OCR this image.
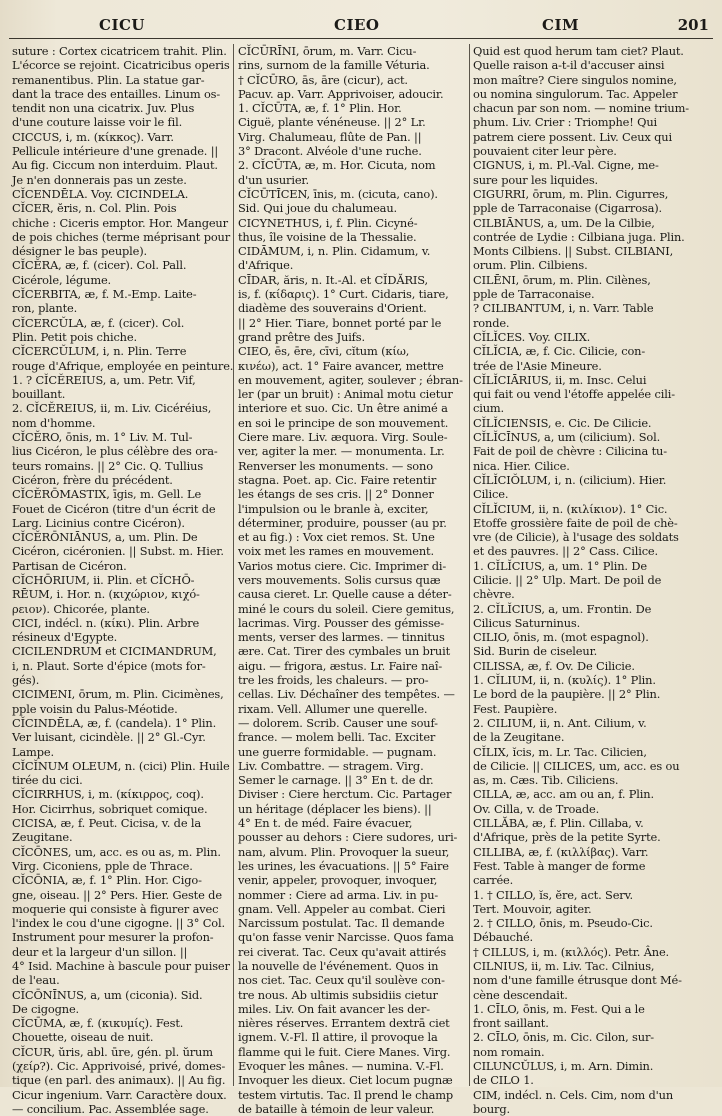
CICU	CIEO	CIM	201
suture : Cortex cicatricem trahit. Plin.
L'écorce se rejoint. Cicatricibus operis
remanentibus. Plin. La statue gar-
dant la trace des entailles. Linum os-
tendit non una cicatrix. Juv. Plus
d'une couture laisse voir le fil.
CICCUS, i, m. (κίκκος). Varr.
Pellicule intérieure d'une grenade. ||
Au fig. Ciccum non interduim. Plaut.
Je n'en donnerais pas un zeste.
CĬCENDĒLA. Voy. CICINDELA.
CĬCER, ĕris, n. Col. Plin. Pois
chiche : Ciceris emptor. Hor. Mangeur
de pois chiches (terme méprisant pour
désigner le bas peuple).
CĬCĔRA, æ, f. (cicer). Col. Pall.
Cicérole, légume.
CĬCERBITA, æ, f. M.-Emp. Laite-
ron, plante.
CĬCERCŬLA, æ, f. (cicer). Col.
Plin. Petit pois chiche.
CĬCERCŬLUM, i, n. Plin. Terre
rouge d'Afrique, employée en peinture.
1. ? CĬCĔREIUS, a, um. Petr. Vif,
bouillant.
2. CĬCĔREIUS, ii, m. Liv. Cicéréius,
nom d'homme.
CĬCĔRO, ōnis, m. 1° Liv. M. Tul-
lius Cicéron, le plus célèbre des ora-
teurs romains. || 2° Cic. Q. Tullius
Cicéron, frère du précédent.
CĬCĔRŌMASTIX, īgis, m. Gell. Le
Fouet de Cicéron (titre d'un écrit de
Larg. Licinius contre Cicéron).
CĬCĔRŌNIĀNUS, a, um. Plin. De
Cicéron, cicéronien. || Subst. m. Hier.
Partisan de Cicéron.
CĬCHŌRIUM, ii. Plin. et CĬCHŌ-
RĒUM, i. Hor. n. (κιχώριον, κιχό-
ρειον). Chicorée, plante.
CICI, indécl. n. (κίκι). Plin. Arbre
résineux d'Egypte.
CICILENDRUM et CICIMANDRUM,
i, n. Plaut. Sorte d'épice (mots for-
gés).
CICIMENI, ōrum, m. Plin. Cicimènes,
pple voisin du Palus-Méotide.
CĬCINDĒLA, æ, f. (candela). 1° Plin.
Ver luisant, cicindèle. || 2° Gl.-Cyr.
Lampe.
CĬCĬNUM OLEUM, n. (cici) Plin. Huile
tirée du cici.
CĬCIRRHUS, i, m. (κίκιρρος, coq).
Hor. Cicirrhus, sobriquet comique.
CICISA, æ, f. Peut. Cicisa, v. de la
Zeugitane.
CĬCŌNES, um, acc. es ou as, m. Plin.
Virg. Ciconiens, pple de Thrace.
CĬCŌNIA, æ, f. 1° Plin. Hor. Cigo-
gne, oiseau. || 2° Pers. Hier. Geste de
moquerie qui consiste à figurer avec
l'index le cou d'une cigogne. || 3° Col.
Instrument pour mesurer la profon-
deur et la largeur d'un sillon. ||
4° Isid. Machine à bascule pour puiser
de l'eau.
CĬCŌNĪNUS, a, um (ciconia). Sid.
De cigogne.
CĬCŪMA, æ, f. (κικυμίς). Fest.
Chouette, oiseau de nuit.
CĬCUR, ŭris, abl. ūre, gén. pl. ŭrum
(χείρ?). Cic. Apprivoisé, privé, domes-
tique (en parl. des animaux). || Au fig.
Cicur ingenium. Varr. Caractère doux.
— concilium. Pac. Assemblée sage.
CĬCŪRĪNI, ōrum, m. Varr. Cicu-
rins, surnom de la famille Véturia.
† CĬCŪRO, ās, āre (cicur), act.
Pacuv. ap. Varr. Apprivoiser, adoucir.
1. CĬCŪTA, æ, f. 1° Plin. Hor.
Ciguë, plante vénéneuse. || 2° Lr.
Virg. Chalumeau, flûte de Pan. ||
3° Dracont. Alvéole d'une ruche.
2. CĬCŪTA, æ, m. Hor. Cicuta, nom
d'un usurier.
CĬCŪTĪCEN, īnis, m. (cicuta, cano).
Sid. Qui joue du chalumeau.
CICYNETHUS, i, f. Plin. Cicyné-
thus, île voisine de la Thessalie.
CIDĀMUM, i, n. Plin. Cidamum, v.
d'Afrique.
CĪDAR, ăris, n. It.-Al. et CĬDĂRIS,
is, f. (κίδαρις). 1° Curt. Cidaris, tiare,
diadème des souverains d'Orient.
|| 2° Hier. Tiare, bonnet porté par le
grand prêtre des Juifs.
CIEO, ēs, ēre, cīvi, cĭtum (κίω,
κινέω), act. 1° Faire avancer, mettre
en mouvement, agiter, soulever ; ébran-
ler (par un bruit) : Animal motu cietur
interiore et suo. Cic. Un être animé a
en soi le principe de son mouvement.
Ciere mare. Liv. æquora. Virg. Soule-
ver, agiter la mer. — monumenta. Lr.
Renverser les monuments. — sono
stagna. Poet. ap. Cic. Faire retentir
les étangs de ses cris. || 2° Donner
l'impulsion ou le branle à, exciter,
déterminer, produire, pousser (au pr.
et au fig.) : Vox ciet remos. St. Une
voix met les rames en mouvement.
Varios motus ciere. Cic. Imprimer di-
vers mouvements. Solis cursus quæ
causa cieret. Lr. Quelle cause a déter-
miné le cours du soleil. Ciere gemitus,
lacrimas. Virg. Pousser des gémisse-
ments, verser des larmes. — tinnitus
ære. Cat. Tirer des cymbales un bruit
aigu. — frigora, æstus. Lr. Faire naî-
tre les froids, les chaleurs. — pro-
cellas. Liv. Déchaîner des tempêtes. —
rixam. Vell. Allumer une querelle.
— dolorem. Scrib. Causer une souf-
france. — molem belli. Tac. Exciter
une guerre formidable. — pugnam.
Liv. Combattre. — stragem. Virg.
Semer le carnage. || 3° En t. de dr.
Diviser : Ciere herctum. Cic. Partager
un héritage (déplacer les biens). ||
4° En t. de méd. Faire évacuer,
pousser au dehors : Ciere sudores, uri-
nam, alvum. Plin. Provoquer la sueur,
les urines, les évacuations. || 5° Faire
venir, appeler, provoquer, invoquer,
nommer : Ciere ad arma. Liv. in pu-
gnam. Vell. Appeler au combat. Cieri
Narcissum postulat. Tac. Il demande
qu'on fasse venir Narcisse. Quos fama
rei civerat. Tac. Ceux qu'avait attirés
la nouvelle de l'événement. Quos in
nos ciet. Tac. Ceux qu'il soulève con-
tre nous. Ab ultimis subsidiis cietur
miles. Liv. On fait avancer les der-
nières réserves. Errantem dextrā ciet
ignem. V.-Fl. Il attire, il provoque la
flamme qui le fuit. Ciere Manes. Virg.
Evoquer les mânes. — numina. V.-Fl.
Invoquer les dieux. Ciet locum pugnæ
testem virtutis. Tac. Il prend le champ
de bataille à témoin de leur valeur.
Quid est quod herum tam ciet? Plaut.
Quelle raison a-t-il d'accuser ainsi
mon maître? Ciere singulos nomine,
ou nomina singulorum. Tac. Appeler
chacun par son nom. — nomine trium-
phum. Liv. Crier : Triomphe! Qui
patrem ciere possent. Liv. Ceux qui
pouvaient citer leur père.
CIGNUS, i, m. Pl.-Val. Cigne, me-
sure pour les liquides.
CIGURRI, ōrum, m. Plin. Cigurres,
pple de Tarraconaise (Cigarrosa).
CILBIĀNUS, a, um. De la Cilbie,
contrée de Lydie : Cilbiana juga. Plin.
Monts Cilbiens. || Subst. CILBIANI,
orum. Plin. Cilbiens.
CILĒNI, ōrum, m. Plin. Cilènes,
pple de Tarraconaise.
? CILIBANTUM, i, n. Varr. Table
ronde.
CĬLĬCES. Voy. CILIX.
CĬLĬCIA, æ, f. Cic. Cilicie, con-
trée de l'Asie Mineure.
CĬLĬCIĀRIUS, ii, m. Insc. Celui
qui fait ou vend l'étoffe appelée cili-
cium.
CĬLĬCIENSIS, e. Cic. De Cilicie.
CĬLĬCĪNUS, a, um (cilicium). Sol.
Fait de poil de chèvre : Cilicina tu-
nica. Hier. Cilice.
CĬLĬCIŎLUM, i, n. (cilicium). Hier.
Cilice.
CĬLĬCIUM, ii, n. (κιλίκιον). 1° Cic.
Etoffe grossière faite de poil de chè-
vre (de Cilicie), à l'usage des soldats
et des pauvres. || 2° Cass. Cilice.
1. CĬLĬCIUS, a, um. 1° Plin. De
Cilicie. || 2° Ulp. Mart. De poil de
chèvre.
2. CĬLĬCIUS, a, um. Frontin. De
Cilicus Saturninus.
CILIO, ōnis, m. (mot espagnol).
Sid. Burin de ciseleur.
CILISSA, æ, f. Ov. De Cilicie.
1. CĬLIUM, ii, n. (κυλίς). 1° Plin.
Le bord de la paupière. || 2° Plin.
Fest. Paupière.
2. CILIUM, ii, n. Ant. Cilium, v.
de la Zeugitane.
CĬLIX, ĭcis, m. Lr. Tac. Cilicien,
de Cilicie. || CILICES, um, acc. es ou
as, m. Cæs. Tib. Ciliciens.
CILLA, æ, acc. am ou an, f. Plin.
Ov. Cilla, v. de Troade.
CILLĂBA, æ, f. Plin. Cillaba, v.
d'Afrique, près de la petite Syrte.
CILLIBA, æ, f. (κιλλίβας). Varr.
Fest. Table à manger de forme
carrée.
1. † CILLO, ĭs, ĕre, act. Serv.
Tert. Mouvoir, agiter.
2. † CILLO, ōnis, m. Pseudo-Cic.
Débauché.
† CILLUS, i, m. (κιλλός). Petr. Âne.
CILNIUS, ii, m. Liv. Tac. Cilnius,
nom d'une famille étrusque dont Mé-
cène descendait.
1. CĪLO, ōnis, m. Fest. Qui a le
front saillant.
2. CĪLO, ōnis, m. Cic. Cilon, sur-
nom romain.
CILUNCŬLUS, i, m. Arn. Dimin.
de CILO 1.
CIM, indécl. n. Cels. Cim, nom d'un
bourg.
